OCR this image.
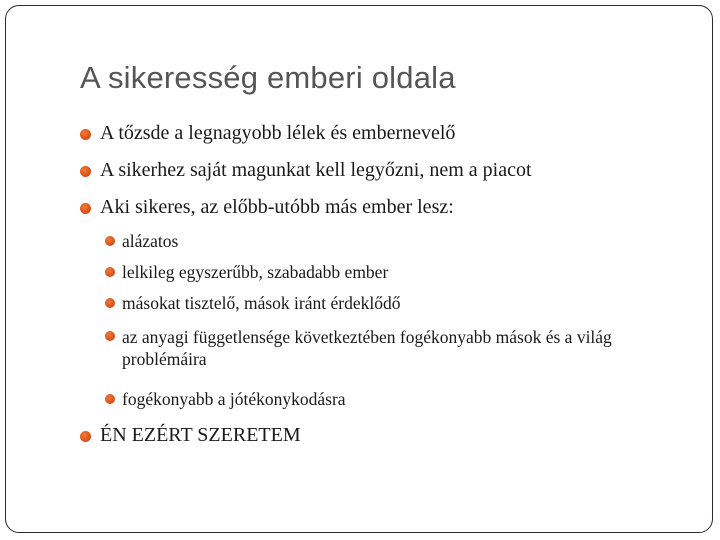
A sikeresség emberi oldala
A tőzsde a legnagyobb lélek és embernevelő
A sikerhez saját magunkat kell legyőzni, nem a piacot
Aki sikeres, az előbb-utóbb más ember lesz:
alázatos
lelkileg egyszerűbb, szabadabb ember
másokat tisztelő, mások iránt érdeklődő
az anyagi függetlensége következtében fogékonyabb mások és a világ problémáira
fogékonyabb a jótékonykodásra
ÉN EZÉRT SZERETEM
